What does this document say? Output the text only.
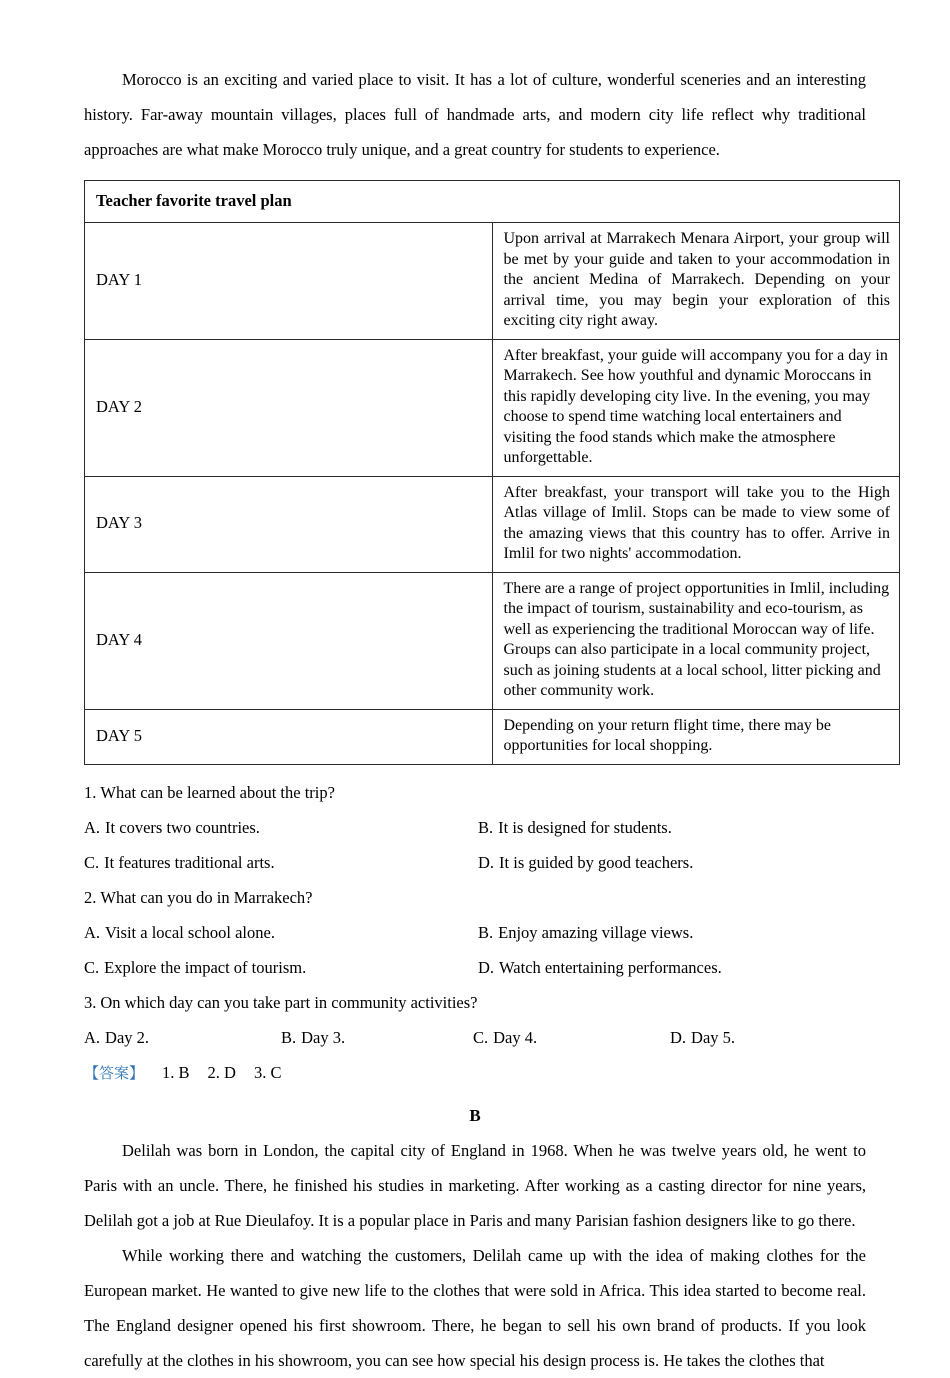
Morocco is an exciting and varied place to visit. It has a lot of culture, wonderful sceneries and an interesting history. Far-away mountain villages, places full of handmade arts, and modern city life reflect why traditional approaches are what make Morocco truly unique, and a great country for students to experience.

Teacher favorite travel plan	
DAY 1	Upon arrival at Marrakech Menara Airport, your group will be met by your guide and taken to your accommodation in the ancient Medina of Marrakech. Depending on your arrival time, you may begin your exploration of this exciting city right away.
DAY 2	After breakfast, your guide will accompany you for a day in Marrakech. See how youthful and dynamic Moroccans in this rapidly developing city live. In the evening, you may choose to spend time watching local entertainers and visiting the food stands which make the atmosphere unforgettable.
DAY 3	After breakfast, your transport will take you to the High Atlas village of Imlil. Stops can be made to view some of the amazing views that this country has to offer. Arrive in Imlil for two nights' accommodation.
DAY 4	There are a range of project opportunities in Imlil, including the impact of tourism, sustainability and eco-tourism, as well as experiencing the traditional Moroccan way of life. Groups can also participate in a local community project, such as joining students at a local school, litter picking and other community work.
DAY 5	Depending on your return flight time, there may be opportunities for local shopping.
1. What can be learned about the trip?
A. It covers two countries.	B. It is designed for students.
C. It features traditional arts.	D. It is guided by good teachers.
2. What can you do in Marrakech?
A. Visit a local school alone.	B. Enjoy amazing village views.
C. Explore the impact of tourism.	D. Watch entertaining performances.
3. On which day can you take part in community activities?
A. Day 2.	B. Day 3.	C. Day 4.	D. Day 5.
【答案】 1. B 2. D 3. C
B

Delilah was born in London, the capital city of England in 1968. When he was twelve years old, he went to Paris with an uncle. There, he finished his studies in marketing. After working as a casting director for nine years, Delilah got a job at Rue Dieulafoy. It is a popular place in Paris and many Parisian fashion designers like to go there.

While working there and watching the customers, Delilah came up with the idea of making clothes for the European market. He wanted to give new life to the clothes that were sold in Africa. This idea started to become real. The England designer opened his first showroom. There, he began to sell his own brand of products. If you look carefully at the clothes in his showroom, you can see how special his design process is. He takes the clothes that
